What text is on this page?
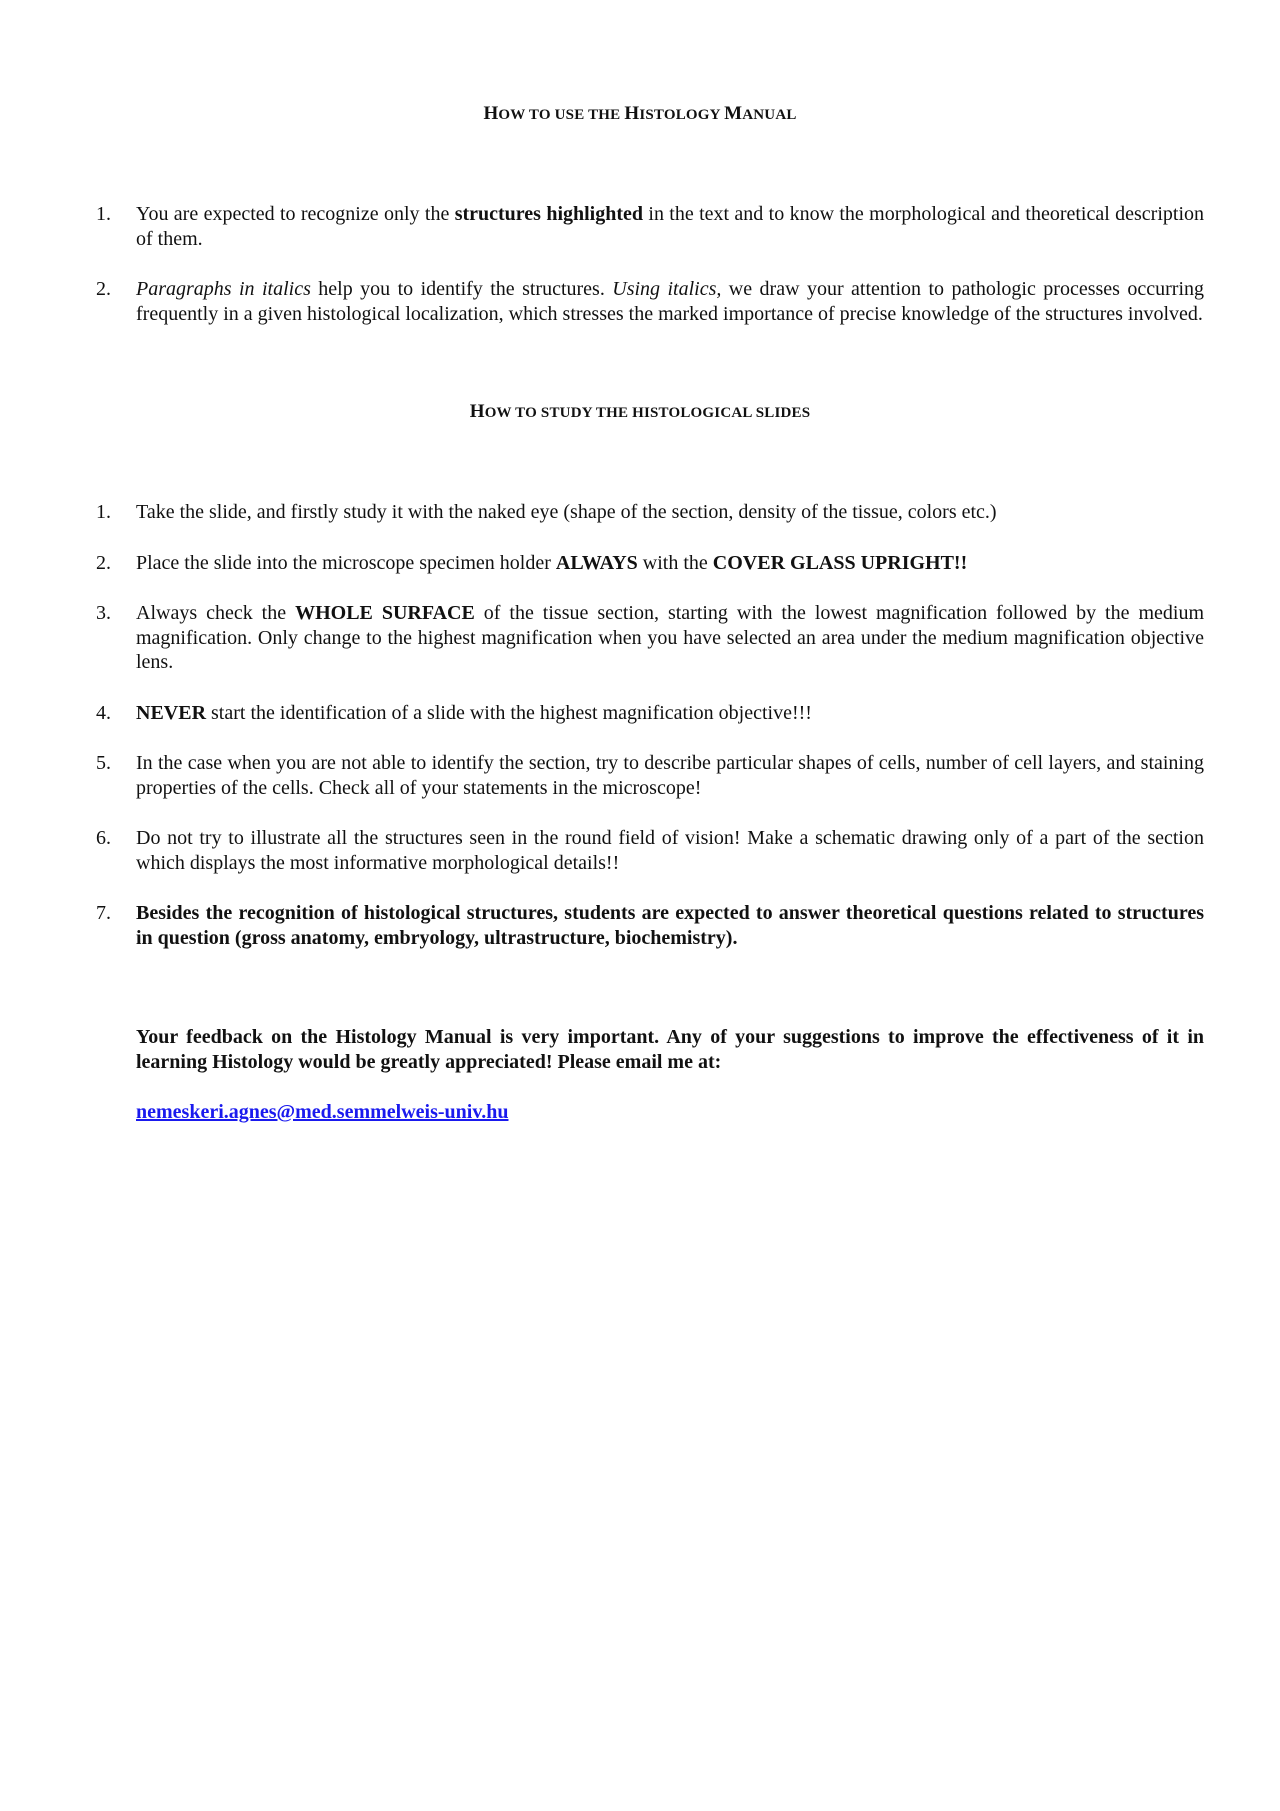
HOW TO USE THE HISTOLOGY MANUAL
1. You are expected to recognize only the structures highlighted in the text and to know the morphological and theoretical description of them.
2. Paragraphs in italics help you to identify the structures. Using italics, we draw your attention to pathologic processes occurring frequently in a given histological localization, which stresses the marked importance of precise knowledge of the structures involved.
HOW TO STUDY THE HISTOLOGICAL SLIDES
1. Take the slide, and firstly study it with the naked eye (shape of the section, density of the tissue, colors etc.)
2. Place the slide into the microscope specimen holder ALWAYS with the COVER GLASS UPRIGHT!!
3. Always check the WHOLE SURFACE of the tissue section, starting with the lowest magnification followed by the medium magnification. Only change to the highest magnification when you have selected an area under the medium magnification objective lens.
4. NEVER start the identification of a slide with the highest magnification objective!!!
5. In the case when you are not able to identify the section, try to describe particular shapes of cells, number of cell layers, and staining properties of the cells. Check all of your statements in the microscope!
6. Do not try to illustrate all the structures seen in the round field of vision! Make a schematic drawing only of a part of the section which displays the most informative morphological details!!
7. Besides the recognition of histological structures, students are expected to answer theoretical questions related to structures in question (gross anatomy, embryology, ultrastructure, biochemistry).
Your feedback on the Histology Manual is very important. Any of your suggestions to improve the effectiveness of it in learning Histology would be greatly appreciated! Please email me at:
nemeskeri.agnes@med.semmelweis-univ.hu
